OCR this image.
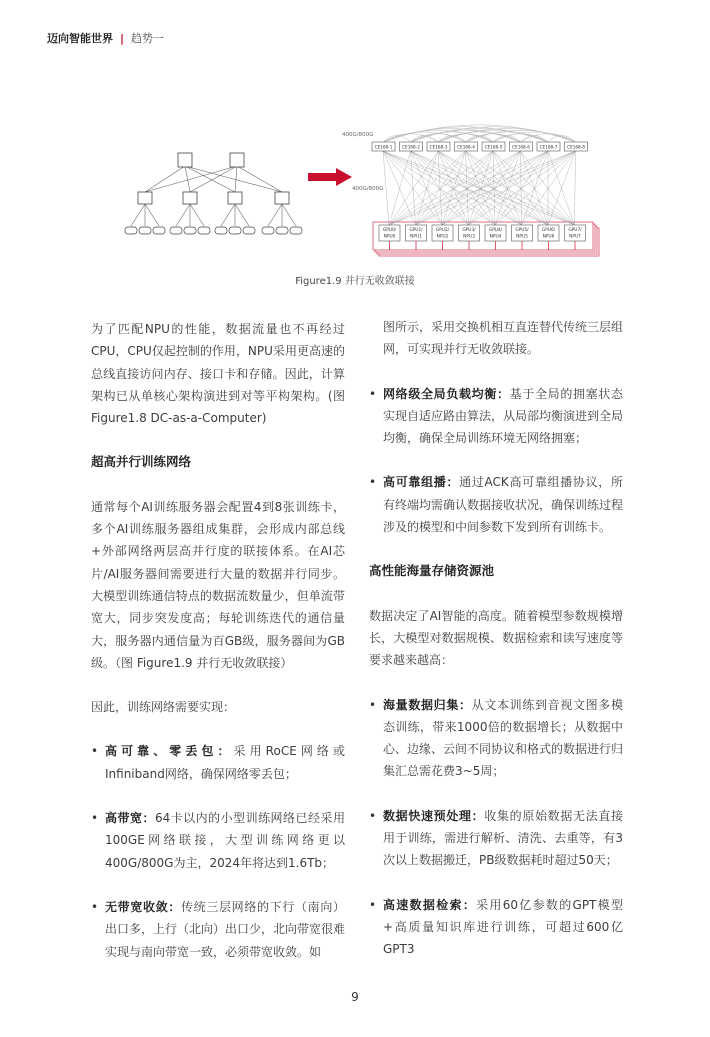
迈向智能世界 | 趋势一
400G/800G
400G/800G
CE168-1 CE168-2 CE168-3 CE168-4 CE168-5 CE168-6 CE168-7 CE168-8
GPU0/
NPU0
GPU1/
NPU1
GPU2/
NPU2
GPU3/
NPU3
GPU4/
NPU4
GPU5/
NPU5
GPU6/
NPU6
GPU7/
NPU7
Figure1.9 并行无收敛联接

为了匹配NPU的性能，数据流量也不再经过CPU，CPU仅起控制的作用，NPU采用更高速的总线直接访问内存、接口卡和存储。因此，计算架构已从单核心架构演进到对等平构架构。(图 Figure1.8 DC-as-a-Computer)

超高并行训练网络

通常每个AI训练服务器会配置4到8张训练卡，多个AI训练服务器组成集群，会形成内部总线+外部网络两层高并行度的联接体系。在AI芯片/AI服务器间需要进行大量的数据并行同步。大模型训练通信特点的数据流数量少，但单流带宽大，同步突发度高；每轮训练迭代的通信量大，服务器内通信量为百GB级，服务器间为GB级。（图 Figure1.9 并行无收敛联接）

因此，训练网络需要实现：

• 高可靠、零丢包：采用RoCE网络或Infiniband网络，确保网络零丢包；
• 高带宽：64卡以内的小型训练网络已经采用100GE网络联接，大型训练网络更以400G/800G为主，2024年将达到1.6Tb；
• 无带宽收敛：传统三层网络的下行（南向）出口多，上行（北向）出口少，北向带宽很难实现与南向带宽一致，必须带宽收敛。如

图所示，采用交换机相互直连替代传统三层组网，可实现并行无收敛联接。

• 网络级全局负载均衡：基于全局的拥塞状态实现自适应路由算法，从局部均衡演进到全局均衡，确保全局训练环境无网络拥塞；
• 高可靠组播：通过ACK高可靠组播协议，所有终端均需确认数据接收状况，确保训练过程涉及的模型和中间参数下发到所有训练卡。
高性能海量存储资源池

数据决定了AI智能的高度。随着模型参数规模增长，大模型对数据规模、数据检索和读写速度等要求越来越高：

• 海量数据归集：从文本训练到音视文图多模态训练，带来1000倍的数据增长；从数据中心、边缘、云间不同协议和格式的数据进行归集汇总需花费3~5周；
• 数据快速预处理：收集的原始数据无法直接用于训练，需进行解析、清洗、去重等，有3次以上数据搬迁，PB级数据耗时超过50天；
• 高速数据检索：采用60亿参数的GPT模型+高质量知识库进行训练，可超过600亿GPT3
9
